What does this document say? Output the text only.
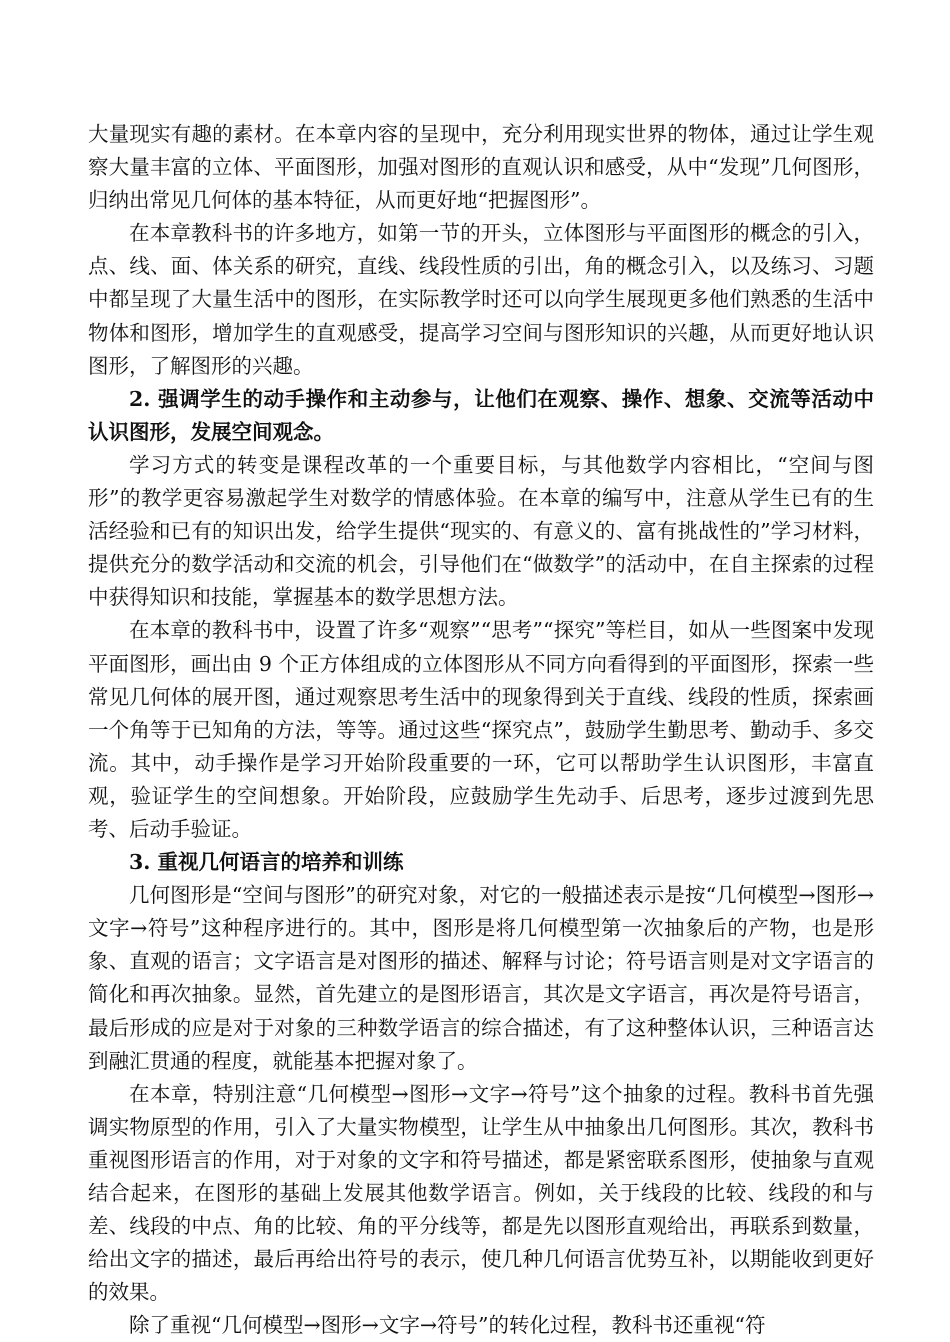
大量现实有趣的素材。在本章内容的呈现中，充分利用现实世界的物体，通过让学生观察大量丰富的立体、平面图形，加强对图形的直观认识和感受，从中“发现”几何图形，归纳出常见几何体的基本特征，从而更好地“把握图形”。

在本章教科书的许多地方，如第一节的开头，立体图形与平面图形的概念的引入，点、线、面、体关系的研究，直线、线段性质的引出，角的概念引入，以及练习、习题中都呈现了大量生活中的图形，在实际教学时还可以向学生展现更多他们熟悉的生活中物体和图形，增加学生的直观感受，提高学习空间与图形知识的兴趣，从而更好地认识图形，了解图形的兴趣。

2. 强调学生的动手操作和主动参与，让他们在观察、操作、想象、交流等活动中认识图形，发展空间观念。

学习方式的转变是课程改革的一个重要目标，与其他数学内容相比，“空间与图形”的教学更容易激起学生对数学的情感体验。在本章的编写中，注意从学生已有的生活经验和已有的知识出发，给学生提供“现实的、有意义的、富有挑战性的”学习材料，提供充分的数学活动和交流的机会，引导他们在“做数学”的活动中，在自主探索的过程中获得知识和技能，掌握基本的数学思想方法。

在本章的教科书中，设置了许多“观察”“思考”“探究”等栏目，如从一些图案中发现平面图形，画出由 9 个正方体组成的立体图形从不同方向看得到的平面图形，探索一些常见几何体的展开图，通过观察思考生活中的现象得到关于直线、线段的性质，探索画一个角等于已知角的方法，等等。通过这些“探究点”，鼓励学生勤思考、勤动手、多交流。其中，动手操作是学习开始阶段重要的一环，它可以帮助学生认识图形，丰富直观，验证学生的空间想象。开始阶段，应鼓励学生先动手、后思考，逐步过渡到先思考、后动手验证。

3. 重视几何语言的培养和训练

几何图形是“空间与图形”的研究对象，对它的一般描述表示是按“几何模型→图形→文字→符号”这种程序进行的。其中，图形是将几何模型第一次抽象后的产物，也是形象、直观的语言；文字语言是对图形的描述、解释与讨论；符号语言则是对文字语言的简化和再次抽象。显然，首先建立的是图形语言，其次是文字语言，再次是符号语言，最后形成的应是对于对象的三种数学语言的综合描述，有了这种整体认识，三种语言达到融汇贯通的程度，就能基本把握对象了。

在本章，特别注意“几何模型→图形→文字→符号”这个抽象的过程。教科书首先强调实物原型的作用，引入了大量实物模型，让学生从中抽象出几何图形。其次，教科书重视图形语言的作用，对于对象的文字和符号描述，都是紧密联系图形，使抽象与直观结合起来，在图形的基础上发展其他数学语言。例如，关于线段的比较、线段的和与差、线段的中点、角的比较、角的平分线等，都是先以图形直观给出，再联系到数量，给出文字的描述，最后再给出符号的表示，使几种几何语言优势互补，以期能收到更好的效果。

除了重视“几何模型→图形→文字→符号”的转化过程，教科书还重视“符
